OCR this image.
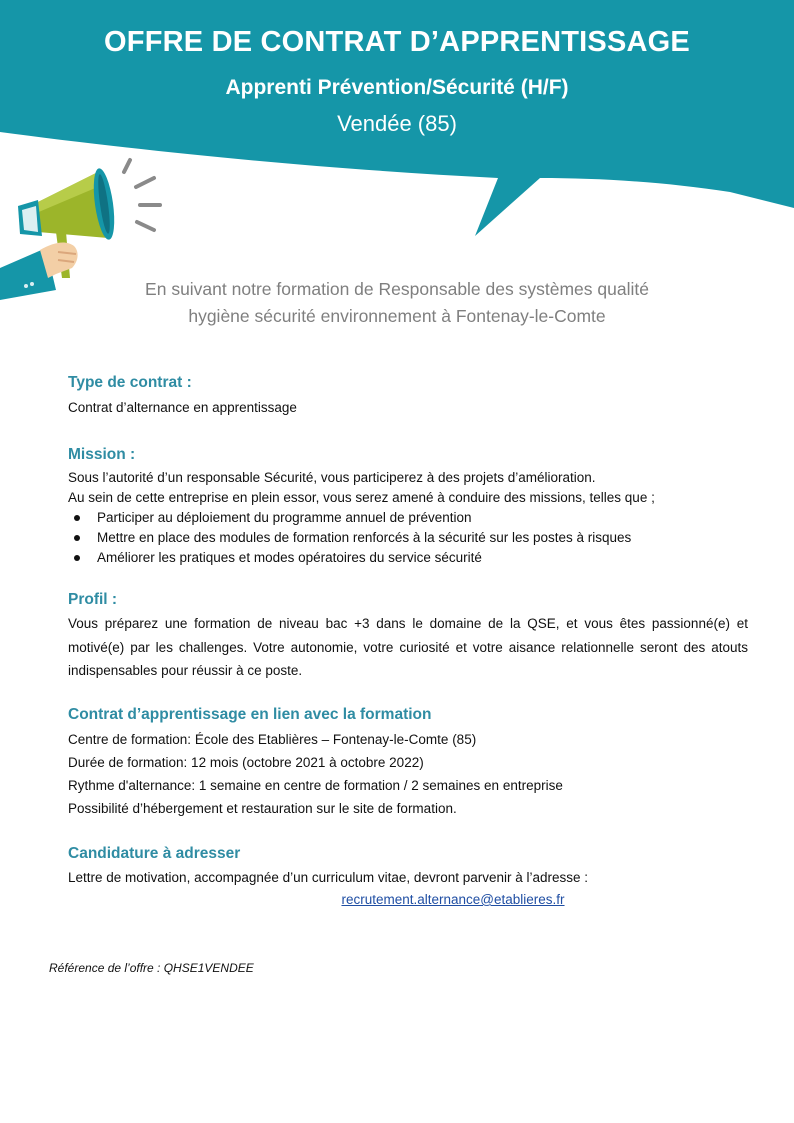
OFFRE DE CONTRAT D’APPRENTISSAGE
Apprenti Prévention/Sécurité (H/F)
Vendée (85)
En suivant notre formation de Responsable des systèmes qualité
hygiène sécurité environnement à Fontenay-le-Comte
Type de contrat :
Contrat d’alternance en apprentissage
Mission :
Sous l’autorité d’un responsable Sécurité, vous participerez à des projets d’amélioration.
Au sein de cette entreprise en plein essor, vous serez amené à conduire des missions, telles que ;
Participer au déploiement du programme annuel de prévention
Mettre en place des modules de formation renforcés à la sécurité sur les postes à risques
Améliorer les pratiques et modes opératoires du service sécurité
Profil :
Vous préparez une formation de niveau bac +3 dans le domaine de la QSE, et vous êtes passionné(e) et motivé(e) par les challenges. Votre autonomie, votre curiosité et votre aisance relationnelle seront des atouts indispensables pour réussir à ce poste.
Contrat d’apprentissage en lien avec la formation
Centre de formation: École des Etablières – Fontenay-le-Comte (85)
Durée de formation: 12 mois (octobre 2021 à octobre 2022)
Rythme d'alternance: 1 semaine en centre de formation / 2 semaines en entreprise
Possibilité d’hébergement et restauration sur le site de formation.
Candidature à adresser
Lettre de motivation, accompagnée d’un curriculum vitae, devront parvenir à l’adresse :
recrutement.alternance@etablieres.fr
Référence de l’offre : QHSE1VENDEE
